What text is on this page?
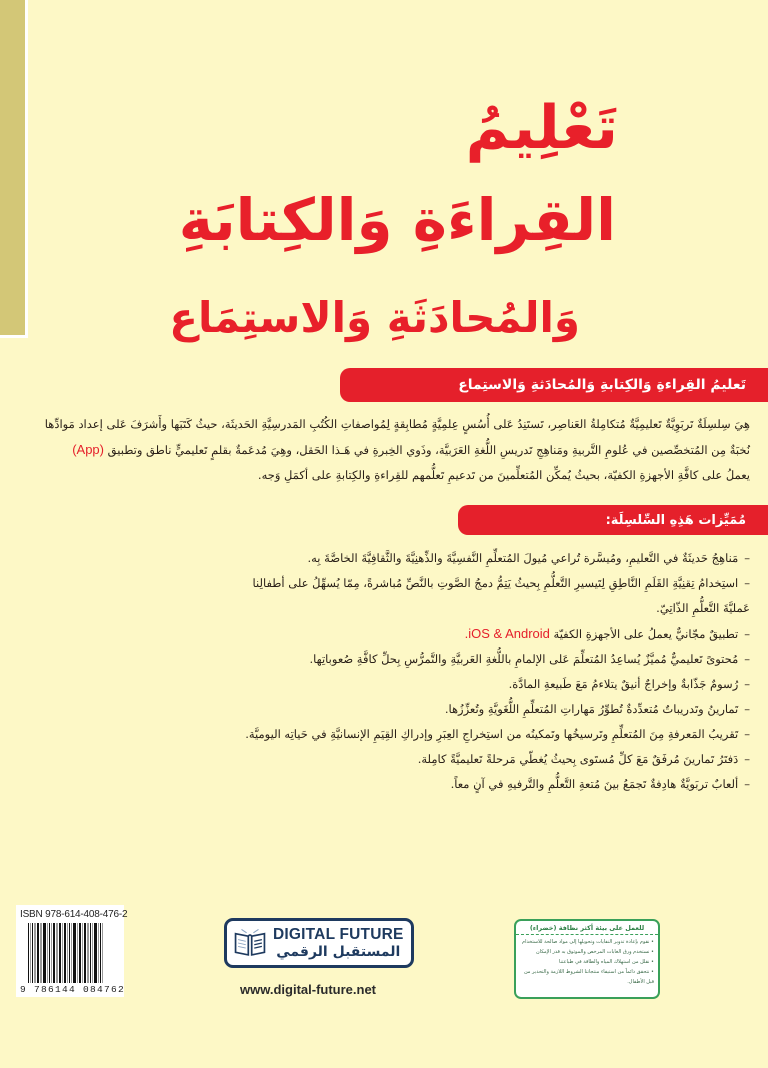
تَعْلِيمُ
القِراءَةِ وَالكِتابَةِ
وَالمُحادَثَةِ وَالاستِمَاع
تَعليمُ القِراءةِ وَالكِتابةِ وَالمُحادَثةِ وَالاستِماع
هِيَ سِلسِلَةٌ تَربَوِيَّةٌ تَعليمِيَّةٌ مُتكامِلةُ العَناصِر، تَستَنِدُ عَلى أُسُسٍ عِلمِيَّةٍ مُطابِقةٍ لِمُواصفاتِ الكُتُبِ المَدرسِيَّةِ الحَديثَة، حيثُ كَتَبَها وأَشرَفَ عَلى إعداد مَوادِّها
نُخبَةٌ مِن المُتخصِّصين في عُلومِ التَّربيةِ ومَناهِجِ تَدريسِ اللُّغةِ العَرَبيَّة، وذَوي الخِبرةِ في هَـذا الحَقل، وهِيَ مُدعَمةٌ بقلمٍ تَعليميٍّ ناطق وتطبيق (App)
يعملُ على كافَّةِ الأجهزةِ الكفيّة، بحيثُ يُمكِّن المُتعلِّمينَ من تَدعيمِ تَعلُّمهم للقِراءةِ والكِتابةِ على أكمَلِ وَجه.
مُمَيِّزات هَذِهِ السِّلسِلَة:
–مَناهِجُ حَديثَةٌ في التَّعليمِ، ومُيسَّرة تُراعي مُيولَ المُتعلِّمِ النَّفسِيَّةَ والذِّهنِيَّةَ والثَّقافِيَّةَ الخاصَّةَ بِه.
–استِخدامُ تِقنِيَّةِ القَلَمِ النَّاطِقِ لِتَيسيرِ التَّعلُّمِ بِحيثُ يَتِمُّ دمجُ الصَّوتِ بالنَّصِّ مُباشرةً، مِمّا يُسهِّلُ على أطفالِنا
عَمليَّةَ التَّعلُّمِ الذّاتِيّ.
–تطبيقٌ مجّانيٌّ يعملُ على الأجهزةِ الكفيّة iOS & Android.
–مُحتوىً تَعليميٌّ مُميَّزٌ يُساعِدُ المُتعلِّمَ عَلى الإلمامِ باللُّغةِ العَربيَّةِ والتَّمرُّسِ بِحلِّ كافَّةِ صُعوباتِها.
–رُسومٌ جَذّابةٌ وإخراجٌ أنيقٌ يتلاءمُ مَعَ طَبيعةِ المادَّة.
–تَمارينُ وتَدريباتٌ مُتعدِّدةٌ تُطوِّرُ مَهاراتِ المُتعلِّمِ اللُّغَويَّةِ وتُعزِّزُها.
–تَقريبُ المَعرفةِ مِنَ المُتعلِّمِ وتَرسيخُها وتَمكينُه من استِخراجِ العِبَرِ وإدراكِ القِيَمِ الإنسانيَّةِ في حَياتِه اليوميَّة.
–دَفتَرُ تَمارينَ مُرفَقٌ مَعَ كلِّ مُستَوى بِحيثُ يُغطّي مَرحلةً تَعليميَّةً كامِلة.
–ألعابٌ تربَويَّةٌ هادِفةٌ تَجمَعُ بينَ مُتعةِ التَّعلُّمِ والتَّرفيهِ في آنٍ معاً.
ISBN 978-614-408-476-2
9 786144 084762
DIGITAL FUTURE
المستقبل الرقمي
www.digital-future.net
للعمل على بيئة أكثر نظافة (خضراء)
• نقوم بإعادة تدوير النفايات وتحويلها إلى مواد صالحة للاستخدام
• نستخدم ورق الغابات المرخص والموثوق به قدر الإمكان
• نقلل من استهلاك المياه والطاقة في طباعتنا
• نتحقق دائماً من استيفاء منتجاتنا الشروط اللازمة والتحذير من
قبل الأطفال.
